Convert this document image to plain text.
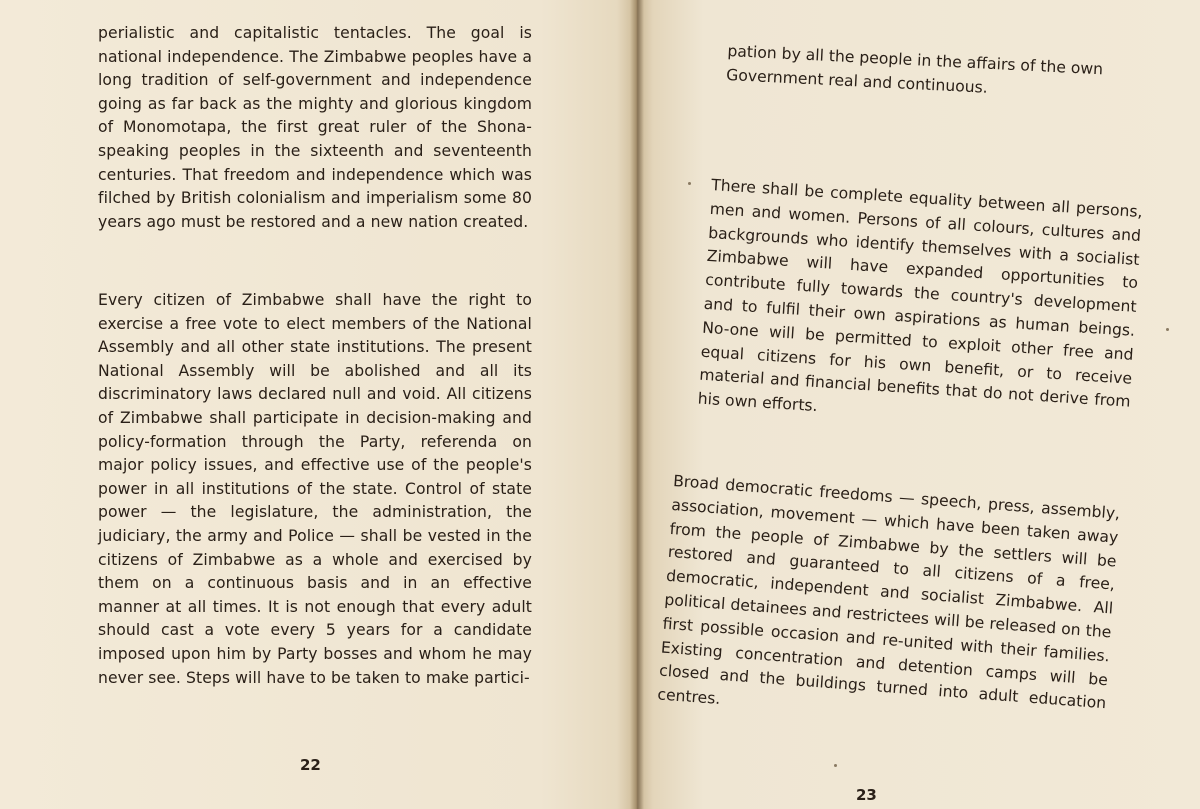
perialistic and capitalistic tentacles. The goal is national independence. The Zimbabwe peoples have a long tradition of self-government and independence going as far back as the mighty and glorious kingdom of Monomotapa, the first great ruler of the Shona-speaking peoples in the sixteenth and seventeenth centuries. That freedom and independence which was filched by British colonialism and imperialism some 80 years ago must be restored and a new nation created.

Every citizen of Zimbabwe shall have the right to exercise a free vote to elect members of the National Assembly and all other state institutions. The present National Assembly will be abolished and all its discriminatory laws declared null and void. All citizens of Zimbabwe shall participate in decision-making and policy-formation through the Party, referenda on major policy issues, and effective use of the people's power in all institutions of the state. Control of state power — the legislature, the administration, the judiciary, the army and Police — shall be vested in the citizens of Zimbabwe as a whole and exercised by them on a continuous basis and in an effective manner at all times. It is not enough that every adult should cast a vote every 5 years for a candidate imposed upon him by Party bosses and whom he may never see. Steps will have to be taken to make partici-

22

pation by all the people in the affairs of the own Government real and continuous.

There shall be complete equality between all persons, men and women. Persons of all colours, cultures and backgrounds who identify themselves with a socialist Zimbabwe will have expanded opportunities to contribute fully towards the country's development and to fulfil their own aspirations as human beings. No-one will be permitted to exploit other free and equal citizens for his own benefit, or to receive material and financial benefits that do not derive from his own efforts.

Broad democratic freedoms — speech, press, assembly, association, movement — which have been taken away from the people of Zimbabwe by the settlers will be restored and guaranteed to all citizens of a free, democratic, independent and socialist Zimbabwe. All political detainees and restrictees will be released on the first possible occasion and re-united with their families. Existing concentration and detention camps will be closed and the buildings turned into adult education centres.

23
